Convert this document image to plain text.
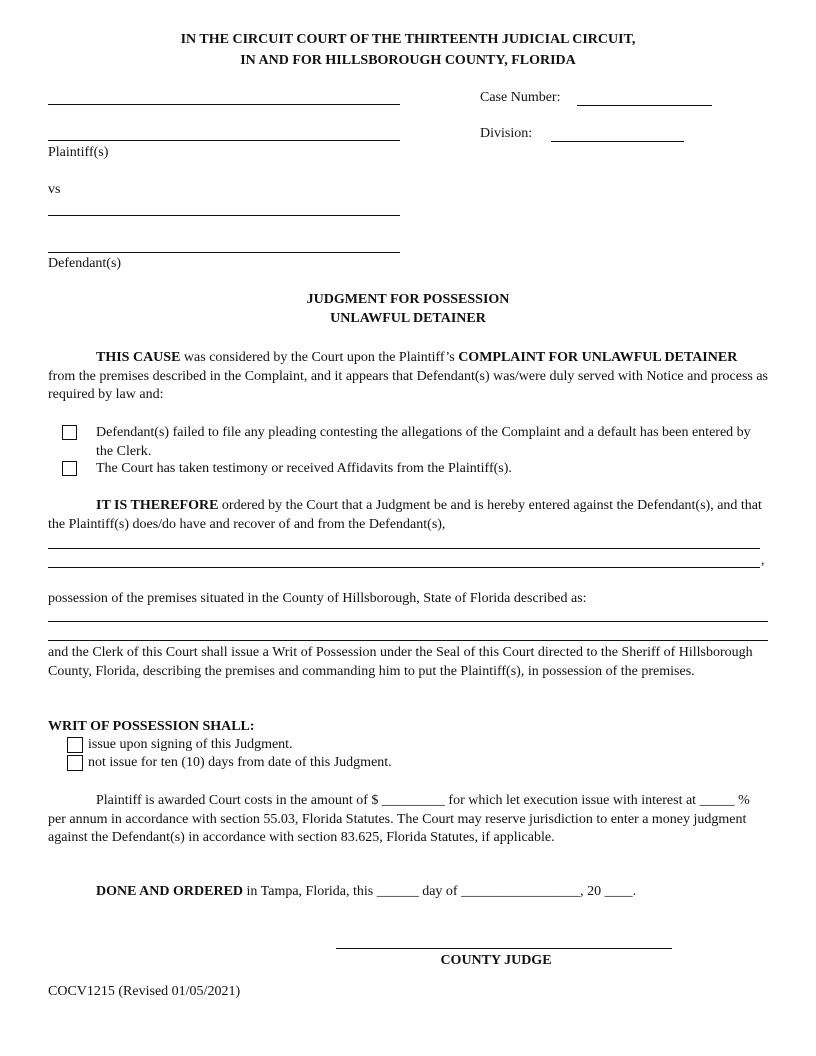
IN THE CIRCUIT COURT OF THE THIRTEENTH JUDICIAL CIRCUIT,
IN AND FOR HILLSBOROUGH COUNTY, FLORIDA
Plaintiff(s)
vs
Defendant(s)
Case Number:
Division:
JUDGMENT FOR POSSESSION
UNLAWFUL DETAINER
THIS CAUSE was considered by the Court upon the Plaintiff’s COMPLAINT FOR UNLAWFUL DETAINER from the premises described in the Complaint, and it appears that Defendant(s) was/were duly served with Notice and process as required by law and:
Defendant(s) failed to file any pleading contesting the allegations of the Complaint and a default has been entered by the Clerk.
The Court has taken testimony or received Affidavits from the Plaintiff(s).
IT IS THEREFORE ordered by the Court that a Judgment be and is hereby entered against the Defendant(s), and that the Plaintiff(s) does/do have and recover of and from the Defendant(s),
,
possession of the premises situated in the County of Hillsborough, State of Florida described as:
and the Clerk of this Court shall issue a Writ of Possession under the Seal of this Court directed to the Sheriff of Hillsborough County, Florida, describing the premises and commanding him to put the Plaintiff(s), in possession of the premises.
WRIT OF POSSESSION SHALL:
issue upon signing of this Judgment.
not issue for ten (10) days from date of this Judgment.
Plaintiff is awarded Court costs in the amount of $ _________ for which let execution issue with interest at _____ % per annum in accordance with section 55.03, Florida Statutes. The Court may reserve jurisdiction to enter a money judgment against the Defendant(s) in accordance with section 83.625, Florida Statutes, if applicable.
DONE AND ORDERED in Tampa, Florida, this ______ day of _________________, 20 ____.
COUNTY JUDGE
COCV1215 (Revised 01/05/2021)
